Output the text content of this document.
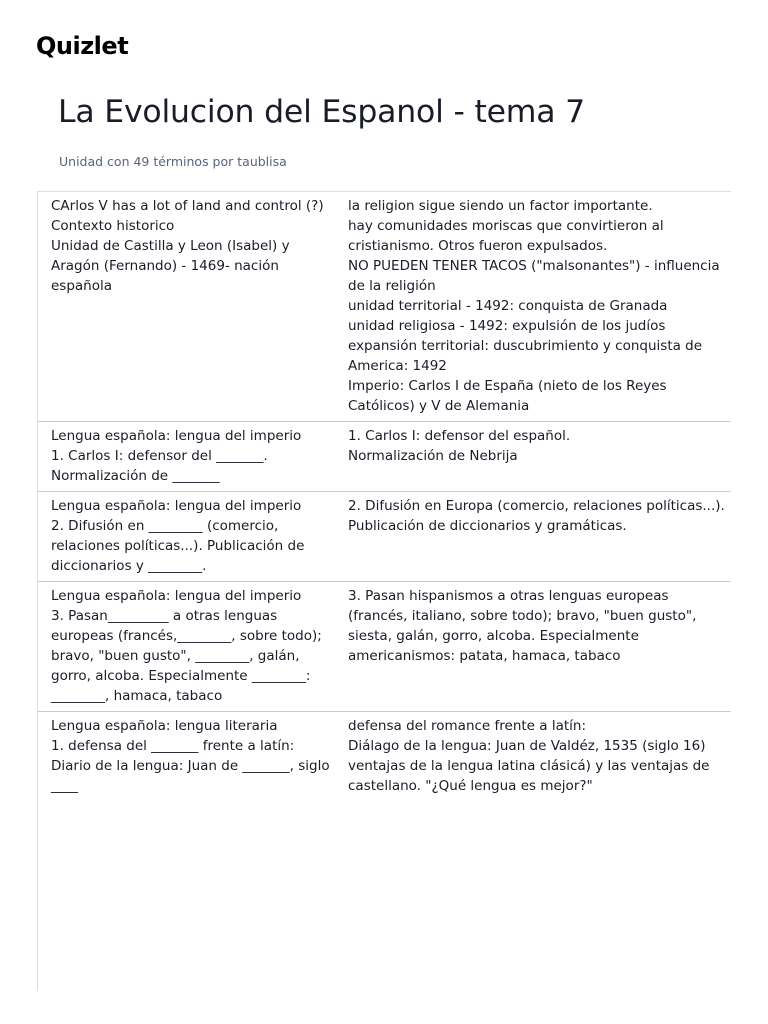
Quizlet
La Evolucion del Espanol - tema 7
Unidad con 49 términos por taublisa
CArlos V has a lot of land and control (?)
Contexto historico
Unidad de Castilla y Leon (Isabel) y Aragón (Fernando) - 1469- nación española
la religion sigue siendo un factor importante.
hay comunidades moriscas que convirtieron al cristianismo. Otros fueron expulsados.
NO PUEDEN TENER TACOS ("malsonantes") - influencia de la religión
unidad territorial - 1492: conquista de Granada
unidad religiosa - 1492: expulsión de los judíos
expansión territorial: duscubrimiento y conquista de America: 1492
Imperio: Carlos I de España (nieto de los Reyes Católicos) y V de Alemania
Lengua española: lengua del imperio
1. Carlos I: defensor del _______.
Normalización de _______
1. Carlos I: defensor del español.
Normalización de Nebrija
Lengua española: lengua del imperio
2. Difusión en ________ (comercio, relaciones políticas...). Publicación de diccionarios y ________.
2. Difusión en Europa (comercio, relaciones políticas...). Publicación de diccionarios y gramáticas.
Lengua española: lengua del imperio
3. Pasan_________ a otras lenguas europeas (francés,________, sobre todo); bravo, "buen gusto", ________, galán, gorro, alcoba. Especialmente ________: ________, hamaca, tabaco
3. Pasan hispanismos a otras lenguas europeas (francés, italiano, sobre todo); bravo, "buen gusto", siesta, galán, gorro, alcoba. Especialmente americanismos: patata, hamaca, tabaco
Lengua española: lengua literaria
1. defensa del _______ frente a latín: Diario de la lengua: Juan de _______, siglo ____
defensa del romance frente a latín:
Diálago de la lengua: Juan de Valdéz, 1535 (siglo 16)
ventajas de la lengua latina clásicá) y las ventajas de castellano. "¿Qué lengua es mejor?"
